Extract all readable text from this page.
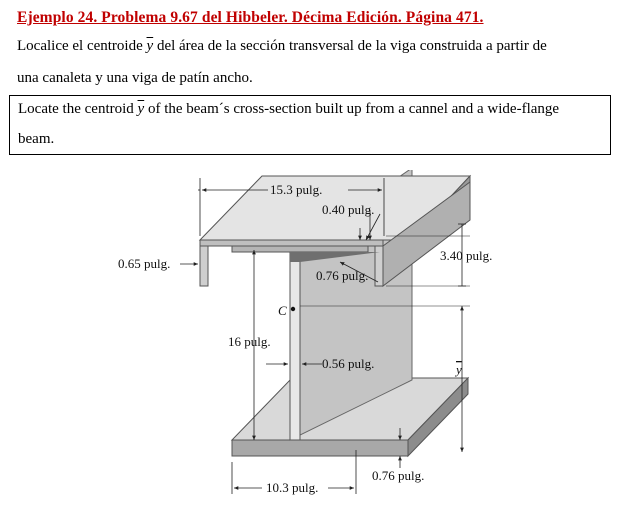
Ejemplo 24. Problema 9.67 del Hibbeler. Décima Edición. Página 471.
Localice el centroide $\overline{y}$ del área de la sección transversal de la viga construida a partir de
una canaleta y una viga de patín ancho.
Locate the centroid $\overline{y}$ of the beam´s cross-section built up from a cannel and a wide-flange
beam.
15.3 pulg.
0.40 pulg.
0.65 pulg.
3.40 pulg.
0.76 pulg.
C
16 pulg.
0.56 pulg.	y
0.76 pulg.
10.3 pulg.
